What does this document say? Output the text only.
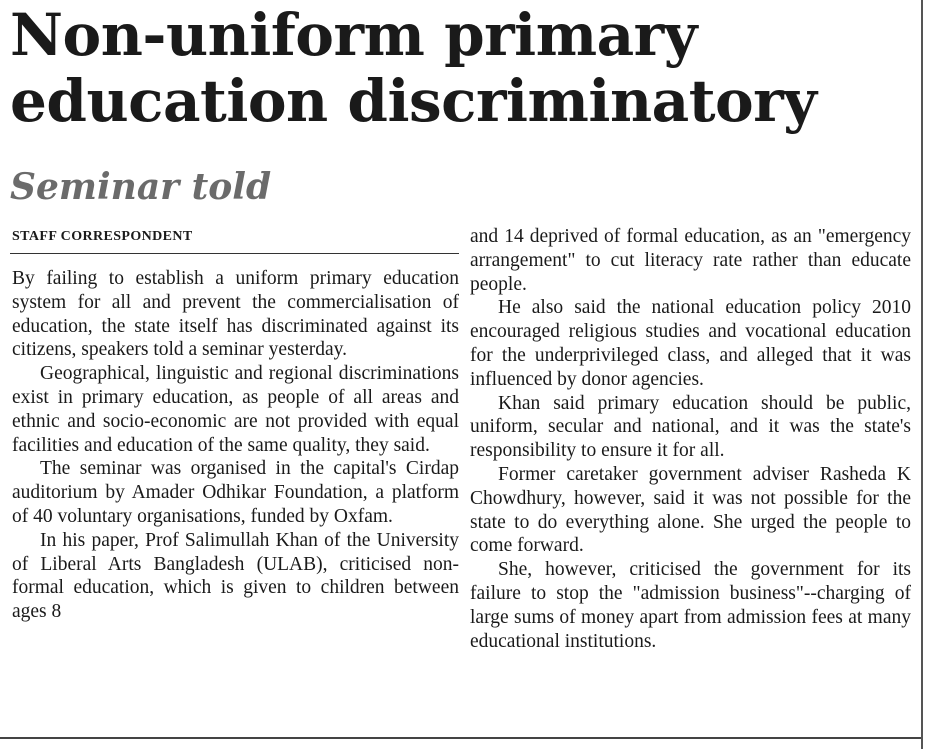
Non-uniform primary education discriminatory
Seminar told
STAFF CORRESPONDENT

By failing to establish a uniform primary education system for all and prevent the commercialisation of education, the state itself has discriminated against its citizens, speakers told a seminar yesterday.

Geographical, linguistic and regional discriminations exist in primary education, as people of all areas and ethnic and socio-economic are not provided with equal facilities and education of the same quality, they said.

The seminar was organised in the capital's Cirdap auditorium by Amader Odhikar Foundation, a platform of 40 voluntary organisations, funded by Oxfam.

In his paper, Prof Salimullah Khan of the University of Liberal Arts Bangladesh (ULAB), criticised non-formal education, which is given to children between ages 8

and 14 deprived of formal education, as an "emergency arrangement" to cut literacy rate rather than educate people.

He also said the national education policy 2010 encouraged religious studies and vocational education for the underprivileged class, and alleged that it was influenced by donor agencies.

Khan said primary education should be public, uniform, secular and national, and it was the state's responsibility to ensure it for all.

Former caretaker government adviser Rasheda K Chowdhury, however, said it was not possible for the state to do everything alone. She urged the people to come forward.

She, however, criticised the government for its failure to stop the "admission business"--charging of large sums of money apart from admission fees at many educational institutions.
